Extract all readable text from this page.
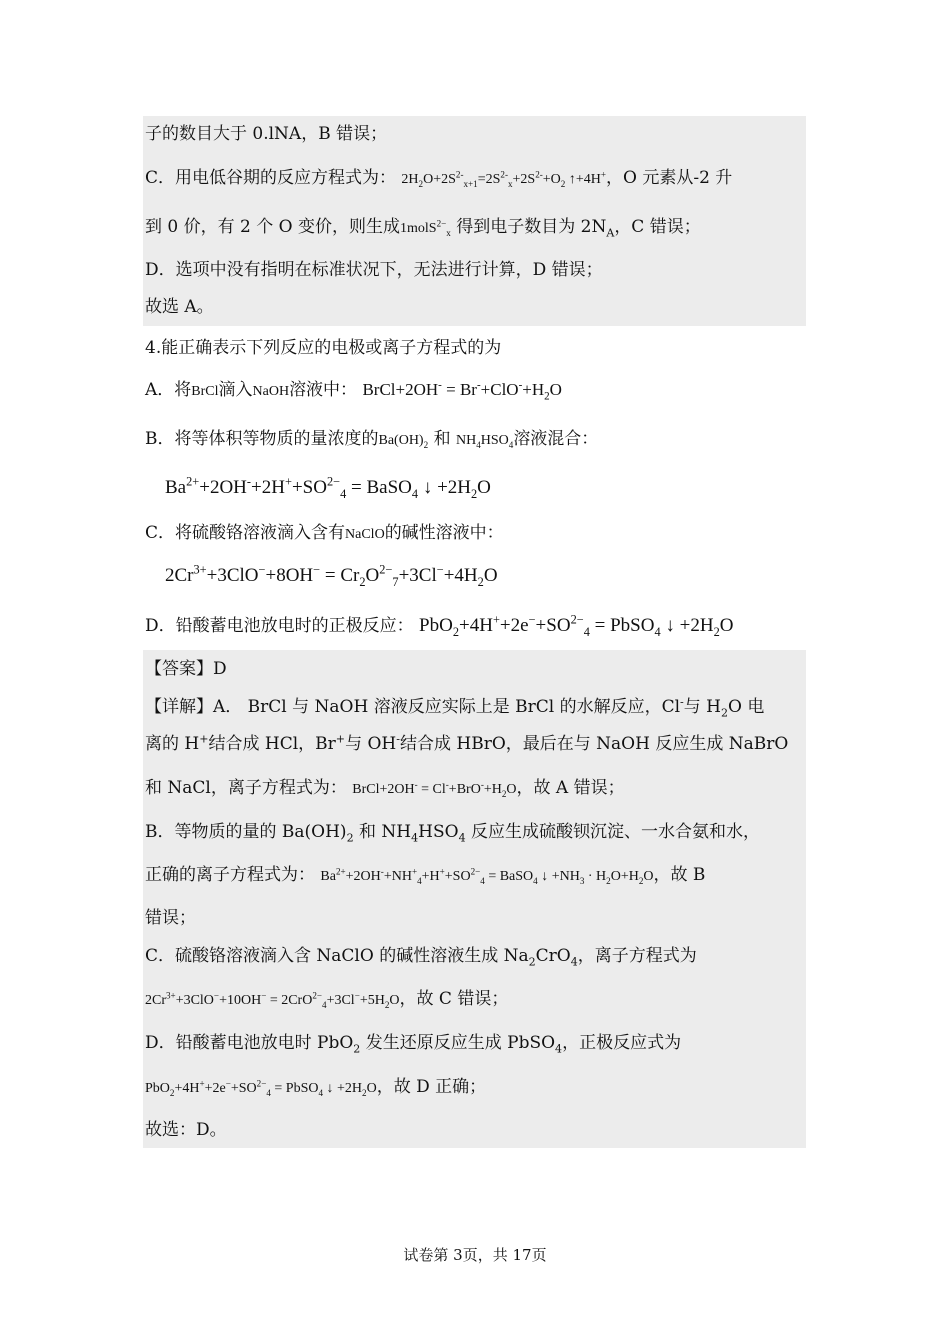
子的数目大于 0.lNA，B 错误；
C．用电低谷期的反应方程式为： $2H_2O+2S^{2-}_{x+1}=2S^{2-}_x+2S^{2-}+O_2$ ↑+4H+，O 元素从-2 升
到 0 价，有 2 个 O 变价，则生成1molS$^{2-}_x$ 得到电子数目为 $2N_A$，C 错误；
D．选项中没有指明在标准状况下，无法进行计算，D 错误；
故选 A。
4.能正确表示下列反应的电极或离子方程式的为
A．将BrCl滴入NaOH溶液中： BrCl+2OH- = $Br^-+ClO^-+H_2O$
B．将等体积等物质的量浓度的$Ba(OH)_2$ 和 $NH_4HSO_4$溶液混合：
$Ba^{2+}+2OH^-+2H^++SO^{2-}_4$ = BaSO$_4$ ↓ $+2H_2O$
C．将硫酸铬溶液滴入含有NaClO的碱性溶液中：
$2Cr^{3+}+3ClO^-+8OH^- = Cr_2O^{2-}_7+3Cl^-+4H_2O$
D．铅酸蓄电池放电时的正极反应： $PbO_2+4H^++2e^-+SO^{2-}_4$ = PbSO$_4$ ↓ $+2H_2O$
【答案】D
【详解】A． BrCl 与 NaOH 溶液反应实际上是 BrCl 的水解反应，Cl-与 $H_2O$ 电
离的 H+结合成 HCl，Br+与 OH-结合成 HBrO，最后在与 NaOH 反应生成 NaBrO
和 NaCl，离子方程式为： BrCl+2OH- = $Cl^-+BrO^-+H_2O$，故 A 错误；
B．等物质的量的 $Ba(OH)_2$ 和 $NH_4HSO_4$ 反应生成硫酸钡沉淀、一水合氨和水，
正确的离子方程式为： $Ba^{2+}+2OH^-+NH^+_4+H^++SO^{2-}_4$ = BaSO$_4$ ↓ $+NH_3 \cdot H_2O+H_2O$，故 B
错误；
C．硫酸铬溶液滴入含 NaClO 的碱性溶液生成 $Na_2CrO_4$，离子方程式为
$2Cr^{3+}+3ClO^-+10OH^- = 2CrO^{2-}_4+3Cl^-+5H_2O$，故 C 错误；
D．铅酸蓄电池放电时 PbO$_2$ 发生还原反应生成 PbSO$_4$，正极反应式为
$PbO_2+4H^++2e^-+SO^{2-}_4$ = PbSO$_4$ ↓ $+2H_2O$，故 D 正确；
故选：D。
试卷第 3页，共 17页
